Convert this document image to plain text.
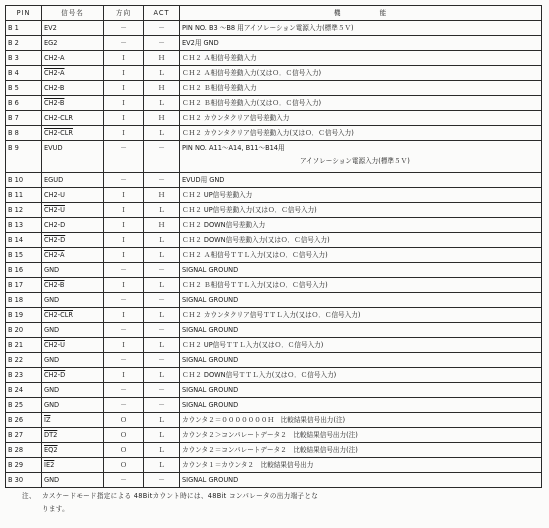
PIN	信号名	方向	ACT	機　　　　　能
B 1	EV2	－	－	PIN NO. B3 ～B8 用アイソレーション電源入力(標準５Ｖ)
B 2	EG2	－	－	EV2用 GND
B 3	CH2-A	Ｉ	Ｈ	ＣＨ２ Ａ相信号差動入力
B 4	CH2-A	Ｉ	Ｌ	ＣＨ２ Ａ相信号差動入力(又はＯ．Ｃ信号入力)
B 5	CH2-B	Ｉ	Ｈ	ＣＨ２ Ｂ相信号差動入力
B 6	CH2-B	Ｉ	Ｌ	ＣＨ２ Ｂ相信号差動入力(又はＯ．Ｃ信号入力)
B 7	CH2-CLR	Ｉ	Ｈ	ＣＨ２ カウンタクリア信号差動入力
B 8	CH2-CLR	Ｉ	Ｌ	ＣＨ２ カウンタクリア信号差動入力(又はＯ．Ｃ信号入力)
B 9	EVUD	－	－	PIN NO. A11～A14, B11～B14用
アイソレーション電源入力(標準５Ｖ)

B 10	EGUD	－	－	EVUD用 GND
B 11	CH2-U	Ｉ	Ｈ	ＣＨ２ UP信号差動入力
B 12	CH2-U	Ｉ	Ｌ	ＣＨ２ UP信号差動入力(又はＯ．Ｃ信号入力)
B 13	CH2-D	Ｉ	Ｈ	ＣＨ２ DOWN信号差動入力
B 14	CH2-D	Ｉ	Ｌ	ＣＨ２ DOWN信号差動入力(又はＯ．Ｃ信号入力)
B 15	CH2-A	Ｉ	Ｌ	ＣＨ２ Ａ相信号ＴＴＬ入力(又はＯ．Ｃ信号入力)
B 16	GND	－	－	SIGNAL GROUND
B 17	CH2-B	Ｉ	Ｌ	ＣＨ２ Ｂ相信号ＴＴＬ入力(又はＯ．Ｃ信号入力)
B 18	GND	－	－	SIGNAL GROUND
B 19	CH2-CLR	Ｉ	Ｌ	ＣＨ２ カウンタクリア信号ＴＴＬ入力(又はＯ．Ｃ信号入力)
B 20	GND	－	－	SIGNAL GROUND
B 21	CH2-U	Ｉ	Ｌ	ＣＨ２ UP信号ＴＴＬ入力(又はＯ．Ｃ信号入力)
B 22	GND	－	－	SIGNAL GROUND
B 23	CH2-D	Ｉ	Ｌ	ＣＨ２ DOWN信号ＴＴＬ入力(又はＯ．Ｃ信号入力)
B 24	GND	－	－	SIGNAL GROUND
B 25	GND	－	－	SIGNAL GROUND
B 26	$\overline{IZ}$	Ｏ	Ｌ	カウンタ２＝０００００００Ｈ　比較結果信号出力(注)
B 27	DT2	Ｏ	Ｌ	カウンタ２＞コンパレートデータ２　比較結果信号出力(注)
B 28	EQ2	Ｏ	Ｌ	カウンタ２＝コンパレートデータ２　比較結果信号出力(注)
B 29	IE2	Ｏ	Ｌ	カウンタ１＝カウンタ２　比較結果信号出力
B 30	GND	－	－	SIGNAL GROUND
注、 カスケードモード指定による 48Bitカウント時には、48Bit コンパレータの出力端子とな
ります。
